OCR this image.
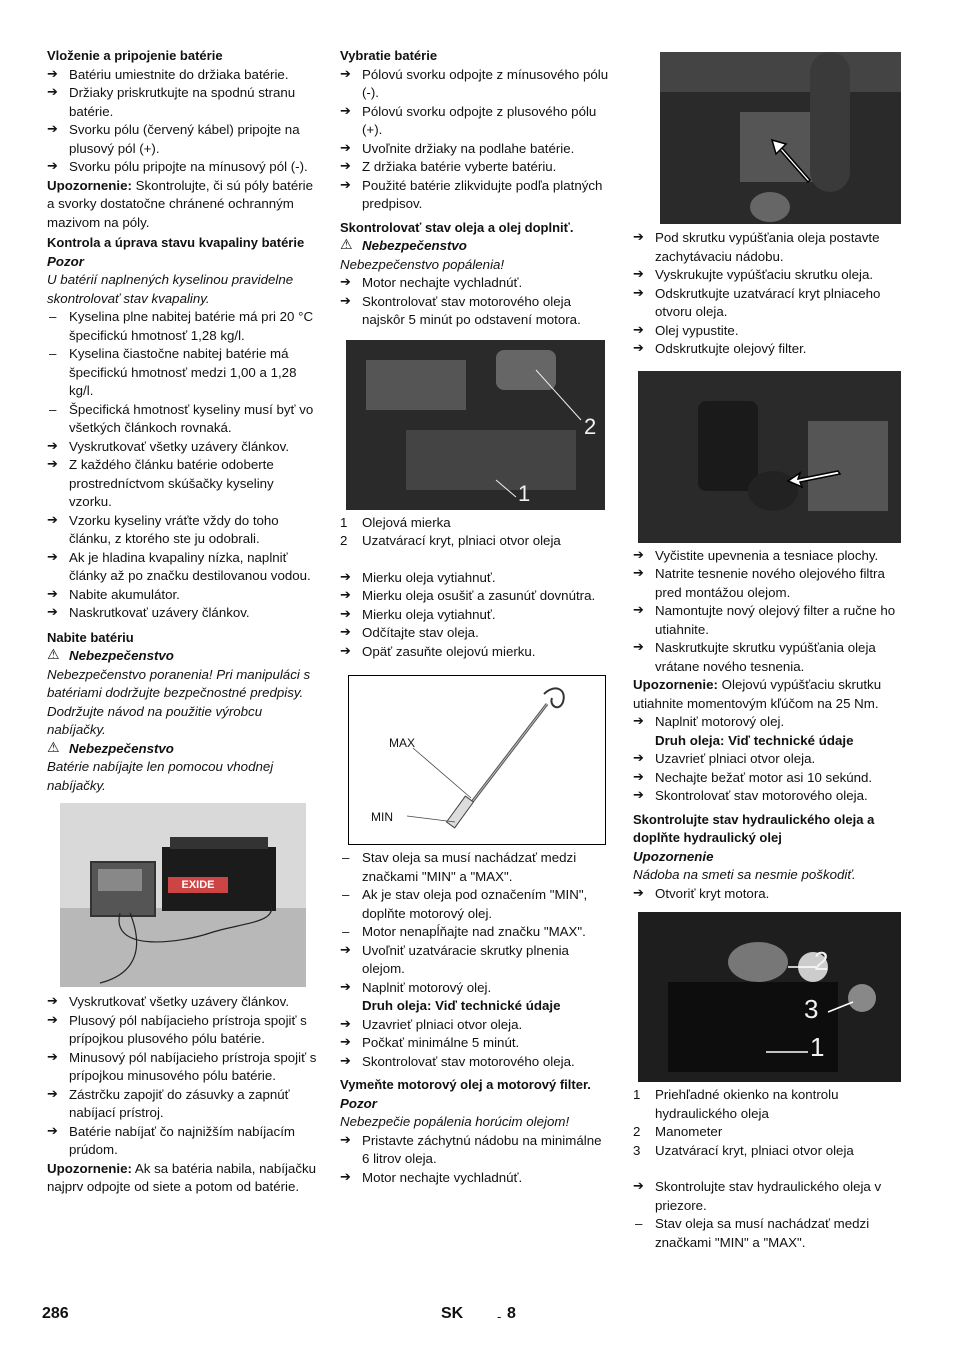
Vloženie a pripojenie batérie

➔ Batériu umiestnite do držiaka batérie.

➔ Držiaky priskrutkujte na spodnú stranu batérie.

➔ Svorku pólu (červený kábel) pripojte na plusový pól (+).

➔ Svorku pólu pripojte na mínusový pól (-).

Upozornenie: Skontrolujte, či sú póly batérie a svorky dostatočne chránené ochranným mazivom na póly.

Kontrola a úprava stavu kvapaliny batérie

Pozor

U batérií naplnených kyselinou pravidelne skontrolovať stav kvapaliny.

– Kyselina plne nabitej batérie má pri 20 °C špecifickú hmotnosť 1,28 kg/l.

– Kyselina čiastočne nabitej batérie má špecifickú hmotnosť medzi 1,00 a 1,28 kg/l.

– Špecifická hmotnosť kyseliny musí byť vo všetkých článkoch rovnaká.

➔ Vyskrutkovať všetky uzávery článkov.

➔ Z každého článku batérie odoberte prostredníctvom skúšačky kyseliny vzorku.

➔ Vzorku kyseliny vráťte vždy do toho článku, z ktorého ste ju odobrali.

➔ Ak je hladina kvapaliny nízka, naplniť články až po značku destilovanou vodou.

➔ Nabite akumulátor.

➔ Naskrutkovať uzávery článkov.

Nabite batériu

⚠ Nebezpečenstvo

Nebezpečenstvo poranenia! Pri manipuláci s batériami dodržujte bezpečnostné predpisy. Dodržujte návod na použitie výrobcu nabíjačky.

⚠ Nebezpečenstvo

Batérie nabíjajte len pomocou vhodnej nabíjačky.

EXIDE

➔ Vyskrutkovať všetky uzávery článkov.

➔ Plusový pól nabíjacieho prístroja spojiť s prípojkou plusového pólu batérie.

➔ Minusový pól nabíjacieho prístroja spojiť s prípojkou minusového pólu batérie.

➔ Zástrčku zapojiť do zásuvky a zapnúť nabíjací prístroj.

➔ Batérie nabíjať čo najnižším nabíjacím prúdom.

Upozornenie: Ak sa batéria nabila, nabíjačku najprv odpojte od siete a potom od batérie.

Vybratie batérie

➔ Pólovú svorku odpojte z mínusového pólu (-).

➔ Pólovú svorku odpojte z plusového pólu (+).

➔ Uvoľnite držiaky na podlahe batérie.

➔ Z držiaka batérie vyberte batériu.

➔ Použité batérie zlikvidujte podľa platných predpisov.

Skontrolovať stav oleja a olej doplniť.

⚠ Nebezpečenstvo

Nebezpečenstvo popálenia!

➔ Motor nechajte vychladnúť.

➔ Skontrolovať stav motorového oleja najskôr 5 minút po odstavení motora.

2
1

1 Olejová mierka

2 Uzatvárací kryt, plniaci otvor oleja

➔ Mierku oleja vytiahnuť.

➔ Mierku oleja osušiť a zasunúť dovnútra.

➔ Mierku oleja vytiahnuť.

➔ Odčítajte stav oleja.

➔ Opäť zasuňte olejovú mierku.

MAX
MIN

– Stav oleja sa musí nachádzať medzi značkami "MIN" a "MAX".

– Ak je stav oleja pod označením "MIN", doplňte motorový olej.

– Motor nenapĺňajte nad značku "MAX".

➔ Uvoľniť uzatváracie skrutky plnenia olejom.

➔ Naplniť motorový olej.

Druh oleja: Viď technické údaje

➔ Uzavrieť plniaci otvor oleja.

➔ Počkať minimálne 5 minút.

➔ Skontrolovať stav motorového oleja.

Vymeňte motorový olej a motorový filter.

Pozor

Nebezpečie popálenia horúcim olejom!

➔ Pristavte záchytnú nádobu na minimálne 6 litrov oleja.

➔ Motor nechajte vychladnúť.

➔ Pod skrutku vypúšťania oleja postavte zachytávaciu nádobu.

➔ Vyskrukujte vypúšťaciu skrutku oleja.

➔ Odskrutkujte uzatvárací kryt plniaceho otvoru oleja.

➔ Olej vypustite.

➔ Odskrutkujte olejový filter.

➔ Vyčistite upevnenia a tesniace plochy.

➔ Natrite tesnenie nového olejového filtra pred montážou olejom.

➔ Namontujte nový olejový filter a ručne ho utiahnite.

➔ Naskrutkujte skrutku vypúšťania oleja vrátane nového tesnenia.

Upozornenie: Olejovú vypúšťaciu skrutku utiahnite momentovým kľúčom na 25 Nm.

➔ Naplniť motorový olej.

Druh oleja: Viď technické údaje

➔ Uzavrieť plniaci otvor oleja.

➔ Nechajte bežať motor asi 10 sekúnd.

➔ Skontrolovať stav motorového oleja.

Skontrolujte stav hydraulického oleja a doplňte hydraulický olej

Upozornenie

Nádoba na smeti sa nesmie poškodiť.

➔ Otvoriť kryt motora.

2
3
1

1 Priehľadné okienko na kontrolu hydraulického oleja

2 Manometer

3 Uzatvárací kryt, plniaci otvor oleja

➔ Skontrolujte stav hydraulického oleja v priezore.

– Stav oleja sa musí nachádzať medzi značkami "MIN" a "MAX".

286	SK	- 8
